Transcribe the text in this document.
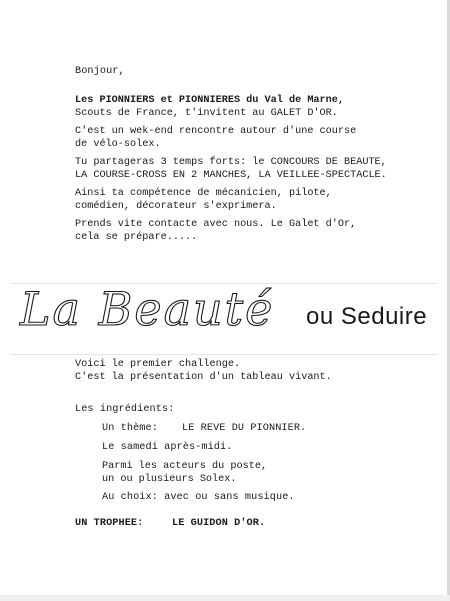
Bonjour,
Les PIONNIERS et PIONNIERES du Val de Marne,
Scouts de France, t'invitent au GALET D'OR.
C'est un wek-end rencontre autour d'une course
de vélo-solex.
Tu partageras 3 temps forts: le CONCOURS DE BEAUTE,
LA COURSE-CROSS EN 2 MANCHES, LA VEILLEE-SPECTACLE.
Ainsi ta compétence de mécanicien, pilote,
comédien, décorateur s'exprimera.
Prends vite contacte avec nous. Le Galet d'Or,
cela se prépare.....
La Beauté ou Seduire
Voici le premier challenge.
C'est la présentation d'un tableau vivant.
Les ingrédients:
Un thème: LE REVE DU PIONNIER.
Le samedi après-midi.
Parmi les acteurs du poste,
un ou plusieurs Solex.
Au choix: avec ou sans musique.
UN TROPHEE:	LE GUIDON D'OR.
